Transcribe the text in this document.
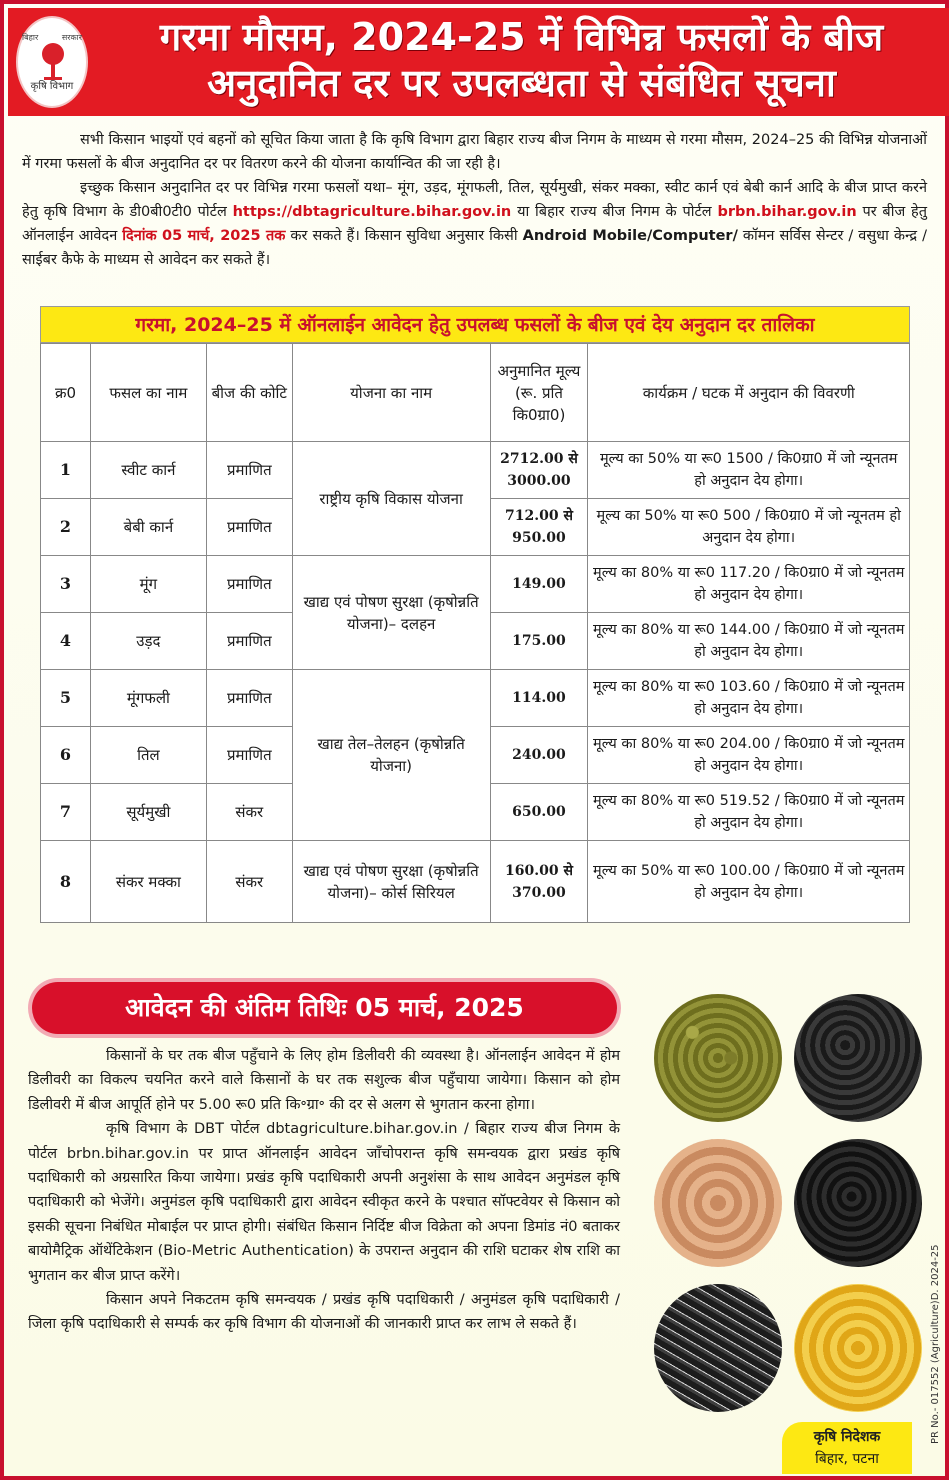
बिहार	सरकार
कृषि विभाग
गरमा मौसम, 2024-25 में विभिन्न फसलों के बीज
अनुदानित दर पर उपलब्धता से संबंधित सूचना

सभी किसान भाइयों एवं बहनों को सूचित किया जाता है कि कृषि विभाग द्वारा बिहार राज्य बीज निगम के माध्यम से गरमा मौसम, 2024–25 की विभिन्न योजनाओं में गरमा फसलों के बीज अनुदानित दर पर वितरण करने की योजना कार्यान्वित की जा रही है।

इच्छुक किसान अनुदानित दर पर विभिन्न गरमा फसलों यथा– मूंग, उड़द, मूंगफली, तिल, सूर्यमुखी, संकर मक्का, स्वीट कार्न एवं बेबी कार्न आदि के बीज प्राप्त करने हेतु कृषि विभाग के डी0बी0टी0 पोर्टल https://dbtagriculture.bihar.gov.in या बिहार राज्य बीज निगम के पोर्टल brbn.bihar.gov.in पर बीज हेतु ऑनलाईन आवेदन दिनांक 05 मार्च, 2025 तक कर सकते हैं। किसान सुविधा अनुसार किसी Android Mobile/Computer/ कॉमन सर्विस सेन्टर / वसुधा केन्द्र / साईबर कैफे के माध्यम से आवेदन कर सकते हैं।

गरमा, 2024–25 में ऑनलाईन आवेदन हेतु उपलब्ध फसलों के बीज एवं देय अनुदान दर तालिका
क्र0	फसल का नाम	बीज की कोटि	योजना का नाम	अनुमानित मूल्य (रू. प्रति कि0ग्रा0)	कार्यक्रम / घटक में अनुदान की विवरणी
1	स्वीट कार्न	प्रमाणित	राष्ट्रीय कृषि विकास योजना	2712.00 से 3000.00	मूल्य का 50% या रू0 1500 / कि0ग्रा0 में जो न्यूनतम हो अनुदान देय होगा।
2	बेबी कार्न	प्रमाणित		712.00 से 950.00	मूल्य का 50% या रू0 500 / कि0ग्रा0 में जो न्यूनतम हो अनुदान देय होगा।
3	मूंग	प्रमाणित	खाद्य एवं पोषण सुरक्षा (कृषोन्नति योजना)– दलहन	149.00	मूल्य का 80% या रू0 117.20 / कि0ग्रा0 में जो न्यूनतम हो अनुदान देय होगा।
4	उड़द	प्रमाणित		175.00	मूल्य का 80% या रू0 144.00 / कि0ग्रा0 में जो न्यूनतम हो अनुदान देय होगा।
5	मूंगफली	प्रमाणित	खाद्य तेल–तेलहन (कृषोन्नति योजना)	114.00	मूल्य का 80% या रू0 103.60 / कि0ग्रा0 में जो न्यूनतम हो अनुदान देय होगा।
6	तिल	प्रमाणित		240.00	मूल्य का 80% या रू0 204.00 / कि0ग्रा0 में जो न्यूनतम हो अनुदान देय होगा।
7	सूर्यमुखी	संकर		650.00	मूल्य का 80% या रू0 519.52 / कि0ग्रा0 में जो न्यूनतम हो अनुदान देय होगा।
8	संकर मक्का	संकर	खाद्य एवं पोषण सुरक्षा (कृषोन्नति योजना)– कोर्स सिरियल	160.00 से 370.00	मूल्य का 50% या रू0 100.00 / कि0ग्रा0 में जो न्यूनतम हो अनुदान देय होगा।
आवेदन की अंतिम तिथिः 05 मार्च, 2025

किसानों के घर तक बीज पहुँचाने के लिए होम डिलीवरी की व्यवस्था है। ऑनलाईन आवेदन में होम डिलीवरी का विकल्प चयनित करने वाले किसानों के घर तक सशुल्क बीज पहुँचाया जायेगा। किसान को होम डिलीवरी में बीज आपूर्ति होने पर 5.00 रू0 प्रति कि॰ग्रा॰ की दर से अलग से भुगतान करना होगा।

कृषि विभाग के DBT पोर्टल dbtagriculture.bihar.gov.in / बिहार राज्य बीज निगम के पोर्टल brbn.bihar.gov.in पर प्राप्त ऑनलाईन आवेदन जाँचोपरान्त कृषि समन्वयक द्वारा प्रखंड कृषि पदाधिकारी को अग्रसारित किया जायेगा। प्रखंड कृषि पदाधिकारी अपनी अनुशंसा के साथ आवेदन अनुमंडल कृषि पदाधिकारी को भेजेंगे। अनुमंडल कृषि पदाधिकारी द्वारा आवेदन स्वीकृत करने के पश्चात सॉफ्टवेयर से किसान को इसकी सूचना निबंधित मोबाईल पर प्राप्त होगी। संबंधित किसान निर्दिष्ट बीज विक्रेता को अपना डिमांड नं0 बताकर बायोमैट्रिक ऑथेंटिकेशन (Bio-Metric Authentication) के उपरान्त अनुदान की राशि घटाकर शेष राशि का भुगतान कर बीज प्राप्त करेंगे।

किसान अपने निकटतम कृषि समन्वयक / प्रखंड कृषि पदाधिकारी / अनुमंडल कृषि पदाधिकारी / जिला कृषि पदाधिकारी से सम्पर्क कर कृषि विभाग की योजनाओं की जानकारी प्राप्त कर लाभ ले सकते हैं।

कृषि निदेशक
बिहार, पटना
PR No.- 017552 (Agriculture)D. 2024-25
